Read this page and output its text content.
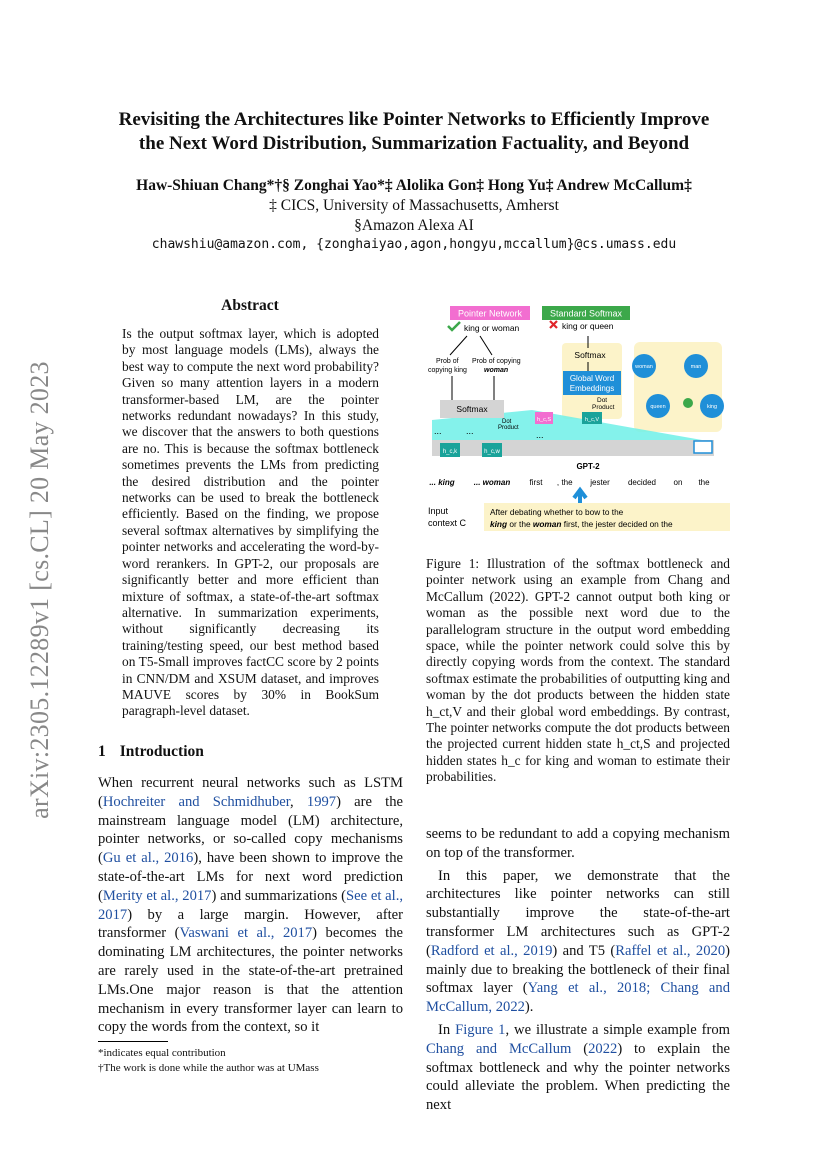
Revisiting the Architectures like Pointer Networks to Efficiently Improve
the Next Word Distribution, Summarization Factuality, and Beyond
Haw-Shiuan Chang*†§ Zonghai Yao*‡ Alolika Gon‡ Hong Yu‡ Andrew McCallum‡
‡ CICS, University of Massachusetts, Amherst
§Amazon Alexa AI
chawshiu@amazon.com, {zonghaiyao,agon,hongyu,mccallum}@cs.umass.edu
arXiv:2305.12289v1 [cs.CL] 20 May 2023
Abstract
Is the output softmax layer, which is adopted by most language models (LMs), always the best way to compute the next word probability? Given so many attention layers in a modern transformer-based LM, are the pointer networks redundant nowadays? In this study, we discover that the answers to both questions are no. This is because the softmax bottleneck sometimes prevents the LMs from predicting the desired distribution and the pointer networks can be used to break the bottleneck efficiently. Based on the finding, we propose several softmax alternatives by simplifying the pointer networks and accelerating the word-by-word rerankers. In GPT-2, our proposals are significantly better and more efficient than mixture of softmax, a state-of-the-art softmax alternative. In summarization experiments, without significantly decreasing its training/testing speed, our best method based on T5-Small improves factCC score by 2 points in CNN/DM and XSUM dataset, and improves MAUVE scores by 30% in BookSum paragraph-level dataset.
1 Introduction

When recurrent neural networks such as LSTM (Hochreiter and Schmidhuber, 1997) are the mainstream language model (LM) architecture, pointer networks, or so-called copy mechanisms (Gu et al., 2016), have been shown to improve the state-of-the-art LMs for next word prediction (Merity et al., 2017) and summarizations (See et al., 2017) by a large margin. However, after transformer (Vaswani et al., 2017) becomes the dominating LM architectures, the pointer networks are rarely used in the state-of-the-art pretrained LMs.One major reason is that the attention mechanism in every transformer layer can learn to copy the words from the context, so it

*indicates equal contribution
†The work is done while the author was at UMass
Pointer Network	Standard Softmax
king or woman	king or queen
Prob of
copying king
Prob of copying
woman
Softmax
Global Word
Embeddings
Dot
Product
woman	man
queen	king
Softmax
Dot
Product
...	...	...
h_c,S	h_c,V
h_c,k	h_c,w
GPT-2
... king ... woman first , the jester decided on the
Input
context C
After debating whether to bow to the
king or the woman first, the jester decided on the
Figure 1: Illustration of the softmax bottleneck and pointer network using an example from Chang and McCallum (2022). GPT-2 cannot output both king or woman as the possible next word due to the parallelogram structure in the output word embedding space, while the pointer network could solve this by directly copying words from the context. The standard softmax estimate the probabilities of outputting king and woman by the dot products between the hidden state h_ct,V and their global word embeddings. By contrast, The pointer networks compute the dot products between the projected current hidden state h_ct,S and projected hidden states h_c for king and woman to estimate their probabilities.

seems to be redundant to add a copying mechanism on top of the transformer.

In this paper, we demonstrate that the architectures like pointer networks can still substantially improve the state-of-the-art transformer LM architectures such as GPT-2 (Radford et al., 2019) and T5 (Raffel et al., 2020) mainly due to breaking the bottleneck of their final softmax layer (Yang et al., 2018; Chang and McCallum, 2022).

In Figure 1, we illustrate a simple example from Chang and McCallum (2022) to explain the softmax bottleneck and why the pointer networks could alleviate the problem. When predicting the next
